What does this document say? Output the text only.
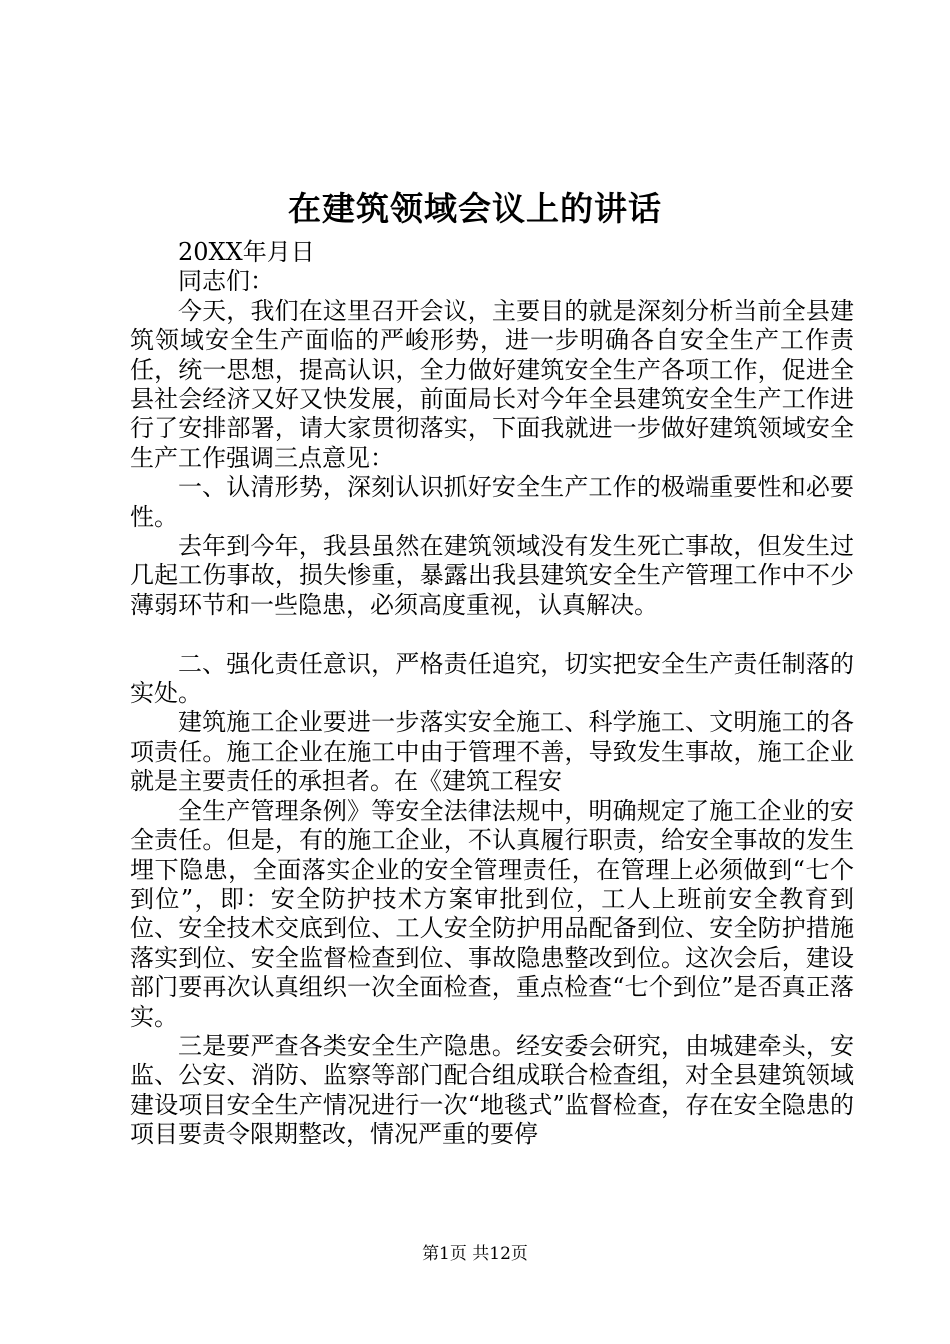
在建筑领域会议上的讲话

20XX年月日

同志们：

今天，我们在这里召开会议，主要目的就是深刻分析当前全县建筑领域安全生产面临的严峻形势，进一步明确各自安全生产工作责任，统一思想，提高认识，全力做好建筑安全生产各项工作，促进全县社会经济又好又快发展，前面局长对今年全县建筑安全生产工作进行了安排部署，请大家贯彻落实，下面我就进一步做好建筑领域安全生产工作强调三点意见：

一、认清形势，深刻认识抓好安全生产工作的极端重要性和必要性。

去年到今年，我县虽然在建筑领域没有发生死亡事故，但发生过几起工伤事故，损失惨重，暴露出我县建筑安全生产管理工作中不少薄弱环节和一些隐患，必须高度重视，认真解决。

二、强化责任意识，严格责任追究，切实把安全生产责任制落的实处。

建筑施工企业要进一步落实安全施工、科学施工、文明施工的各项责任。施工企业在施工中由于管理不善，导致发生事故，施工企业就是主要责任的承担者。在《建筑工程安

全生产管理条例》等安全法律法规中，明确规定了施工企业的安全责任。但是，有的施工企业，不认真履行职责，给安全事故的发生埋下隐患，全面落实企业的安全管理责任，在管理上必须做到“七个到位”，即：安全防护技术方案审批到位，工人上班前安全教育到位、安全技术交底到位、工人安全防护用品配备到位、安全防护措施落实到位、安全监督检查到位、事故隐患整改到位。这次会后，建设部门要再次认真组织一次全面检查，重点检查“七个到位”是否真正落实。

三是要严查各类安全生产隐患。经安委会研究，由城建牵头，安监、公安、消防、监察等部门配合组成联合检查组，对全县建筑领域建设项目安全生产情况进行一次“地毯式”监督检查，存在安全隐患的项目要责令限期整改，情况严重的要停

第1页 共12页
